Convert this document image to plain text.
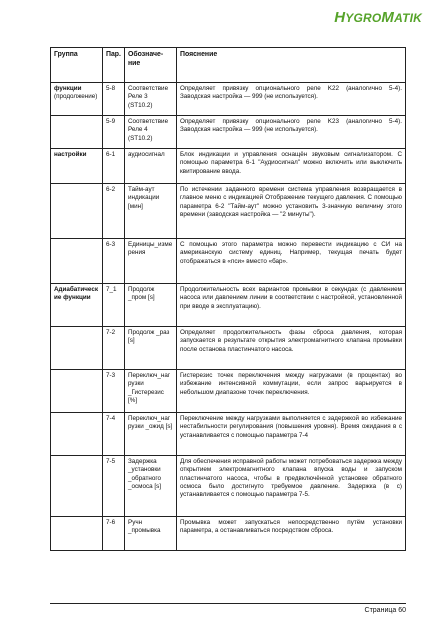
HYGROMATIK
Группа	Пар.	Обозначе-ние	Пояснение
функции
(продолжение)	5-8	Соответствие Реле 3 (ST10.2)	Определяет привязку опционального реле K22 (аналогично 5-4). Заводская настройка — 999 (не используется).
	5-9	Соответствие Реле 4 (ST10.2)	Определяет привязку опционального реле K23 (аналогично 5-4). Заводская настройка — 999 (не используется).
настройки	6-1	аудиосигнал	Блок индикации и управления оснащён звуковым сигнализатором. С помощью параметра 6-1 "Аудиосигнал" можно включить или выключить квитирование ввода.
	6-2	Тайм-аут индикации [мин]	По истечении заданного времени система управления возвращается в главное меню с индикацией Отображение текущего давления. С помощью параметра 6-2 "Тайм-аут" можно установить 3-значную величину этого времени (заводская настройка — "2 минуты").
	6-3	Единицы_измерения	С помощью этого параметра можно перевести индикацию с СИ на американскую систему единиц. Например, текущая печать будет отображаться в «пси» вместо «бар».
Адиабатические функции	7_1	Продолж _пром [s]	Продолжительность всех вариантов промывки в секундах (с давлением насоса или давлением линии в соответствии с настройкой, установленной при вводе в эксплуатацию).
	7-2	Продолж _раз [s]	Определяет продолжительность фазы сброса давления, которая запускается в результате открытия электромагнитного клапана промывки после останова пластинчатого насоса.
	7-3	Переключ_нагрузки _Гистерезис [%]	Гистерезис точек переключения между нагрузками (в процентах) во избежание интенсивной коммутации, если запрос варьируется в небольшом диапазоне точек переключения.
	7-4	Переключ_нагрузки _ожид [s]	Переключение между нагрузками выполняется с задержкой во избежание нестабильности регулирования (повышения уровня). Время ожидания в с устанавливается с помощью параметра 7-4
	7-5	Задержка _установки _обратного _осмоса [s]	Для обеспечения исправной работы может потребоваться задержка между открытием электромагнитного клапана впуска воды и запуском пластинчатого насоса, чтобы в предвключённой установке обратного осмоса было достигнуто требуемое давление. Задержка (в с) устанавливается с помощью параметра 7-5.
	7-6	Ручн _промывка	Промывка может запускаться непосредственно путём установки параметра, а останавливаться посредством сброса.
Страница 60
